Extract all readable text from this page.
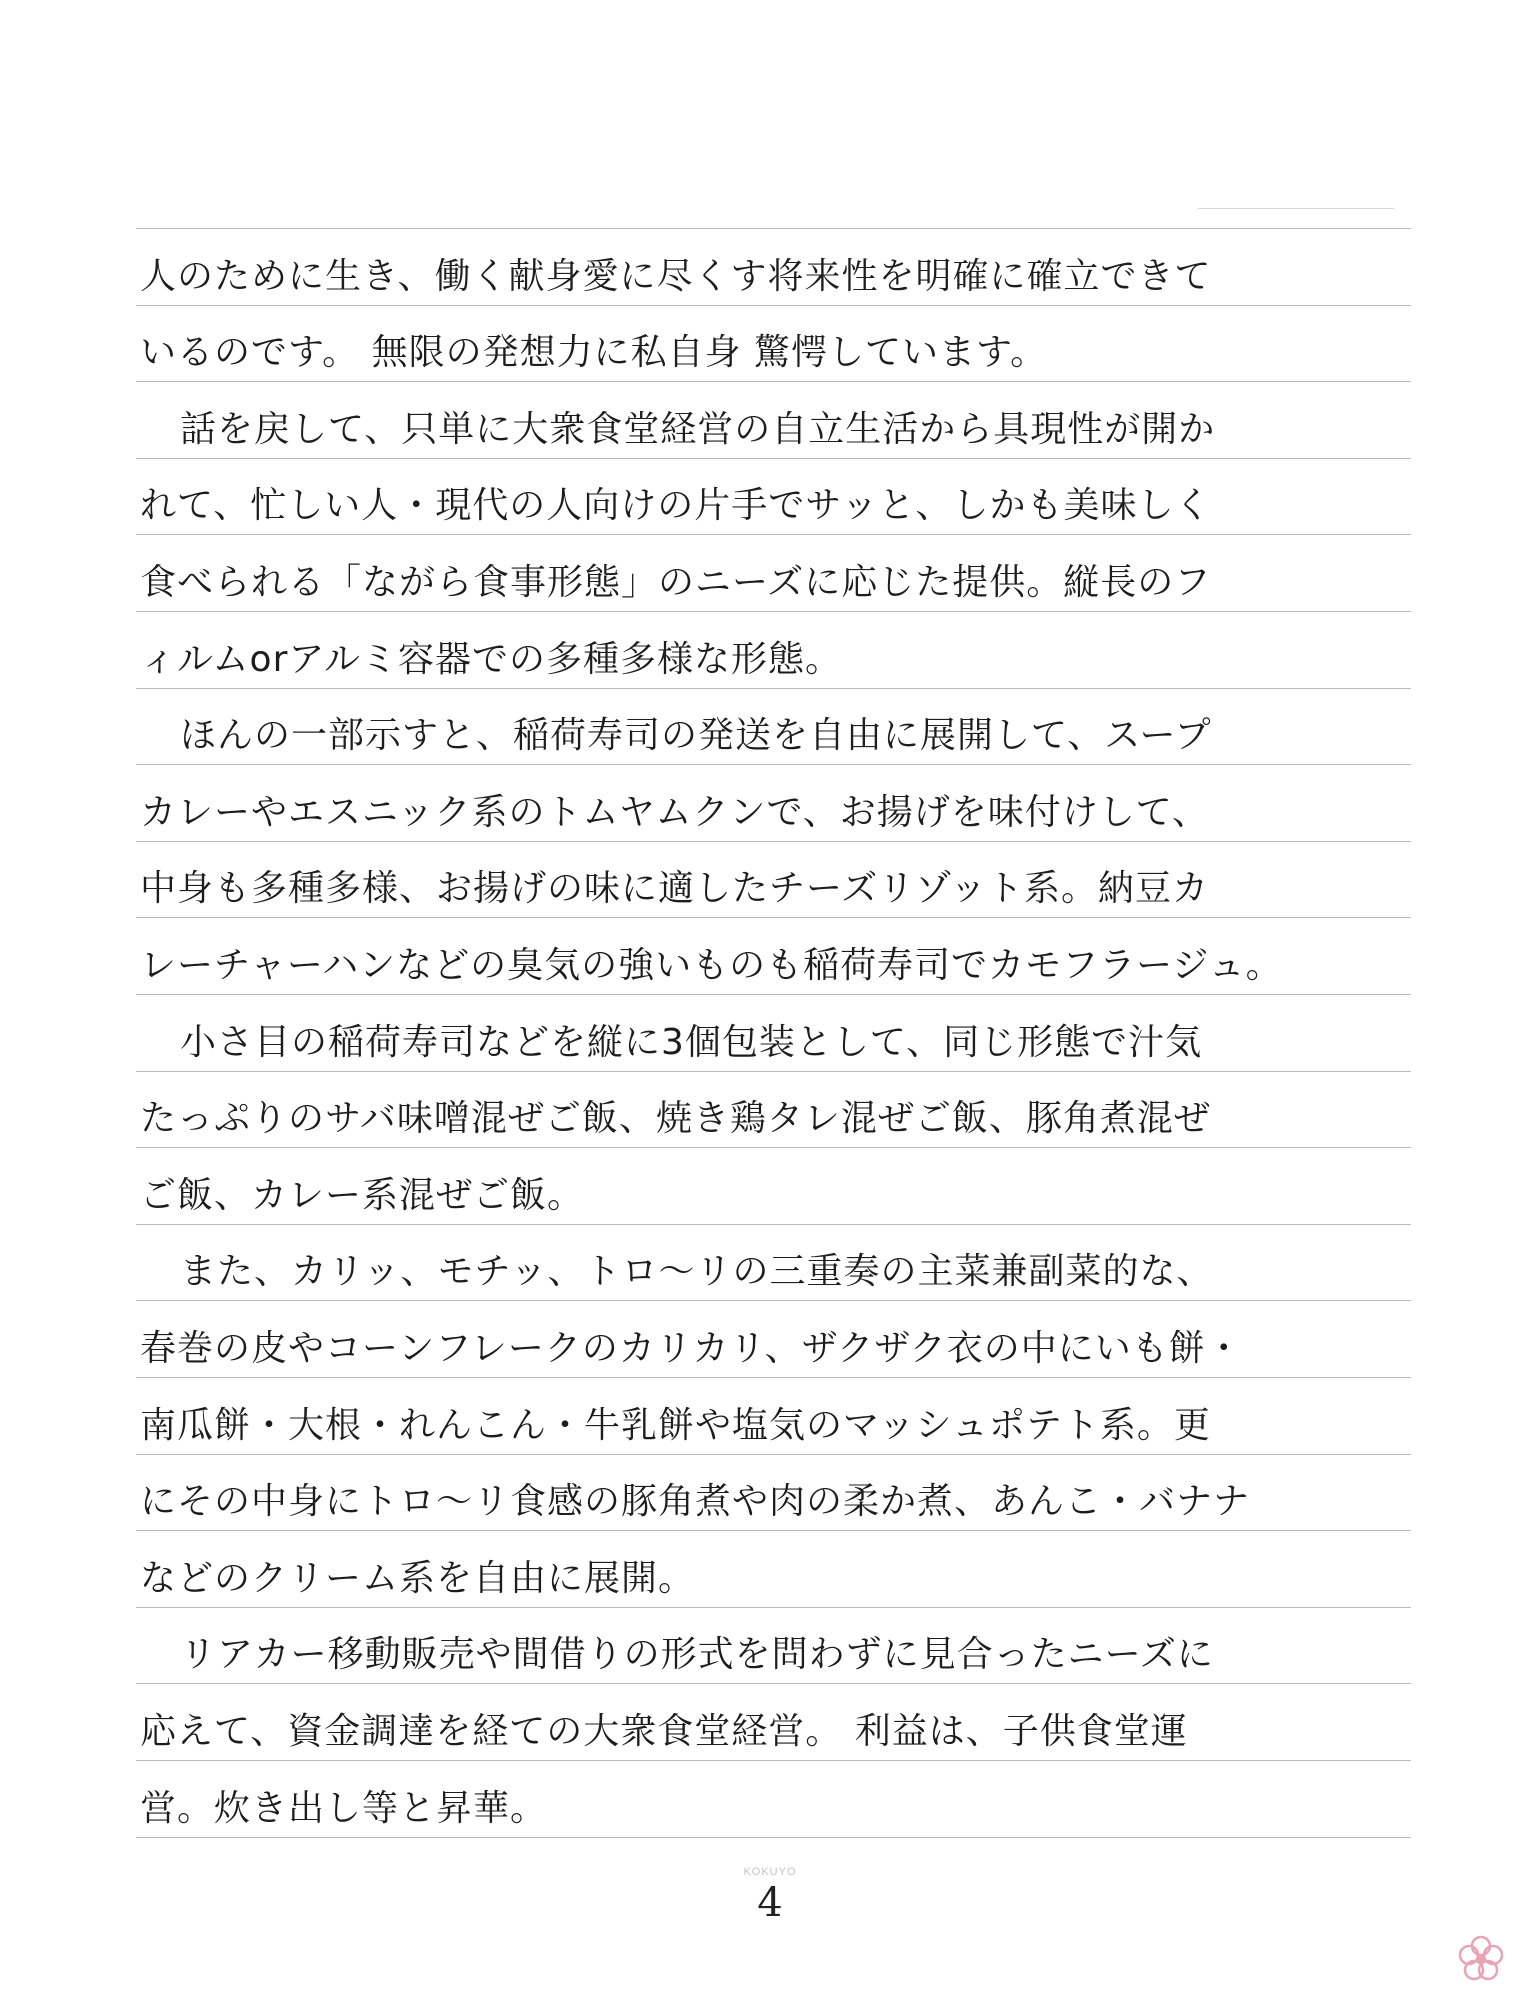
人のために生き、働く献身愛に尽くす将来性を明確に確立できて
いるのです。 無限の発想力に私自身 驚愕しています。
話を戻して、只単に大衆食堂経営の自立生活から具現性が開か
れて、忙しい人・現代の人向けの片手でサッと、しかも美味しく
食べられる「ながら食事形態」のニーズに応じた提供。縦長のフ
ィルムorアルミ容器での多種多様な形態。
ほんの一部示すと、稲荷寿司の発送を自由に展開して、スープ
カレーやエスニック系のトムヤムクンで、お揚げを味付けして、
中身も多種多様、お揚げの味に適したチーズリゾット系。納豆カ
レーチャーハンなどの臭気の強いものも稲荷寿司でカモフラージュ。
小さ目の稲荷寿司などを縦に3個包装として、同じ形態で汁気
たっぷりのサバ味噌混ぜご飯、焼き鶏タレ混ぜご飯、豚角煮混ぜ
ご飯、カレー系混ぜご飯。
また、カリッ、モチッ、トロ〜リの三重奏の主菜兼副菜的な、
春巻の皮やコーンフレークのカリカリ、ザクザク衣の中にいも餅・
南瓜餅・大根・れんこん・牛乳餅や塩気のマッシュポテト系。更
にその中身にトロ〜リ食感の豚角煮や肉の柔か煮、あんこ・バナナ
などのクリーム系を自由に展開。
リアカー移動販売や間借りの形式を問わずに見合ったニーズに
応えて、資金調達を経ての大衆食堂経営。 利益は、子供食堂運
営。炊き出し等と昇華。
KOKUYO
4
